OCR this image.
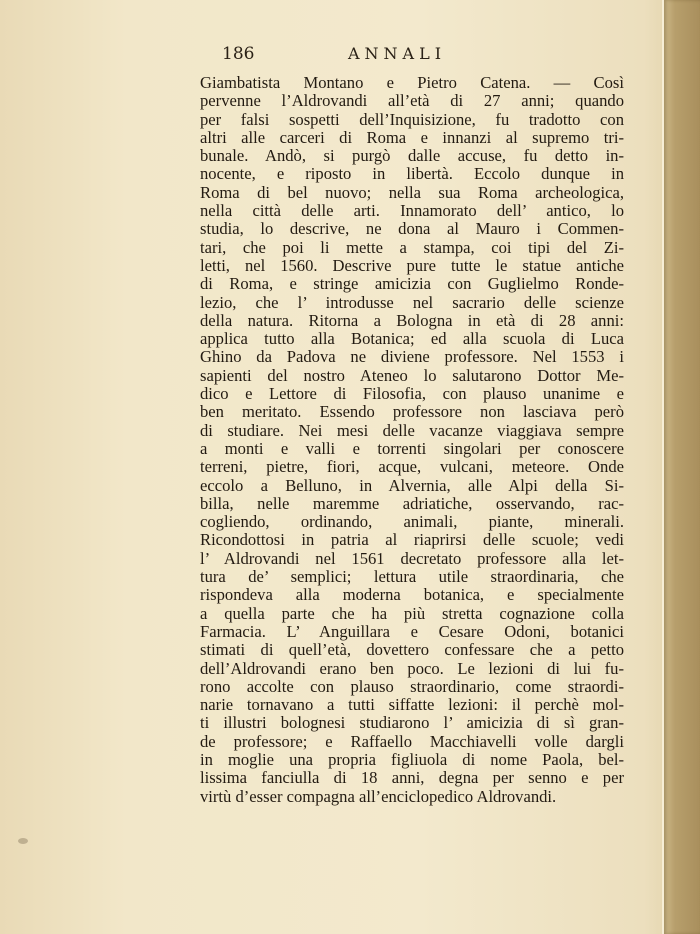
186	ANNALI
Giambatista Montano e Pietro Catena. — Così
pervenne l’Aldrovandi all’età di 27 anni; quando
per falsi sospetti dell’Inquisizione, fu tradotto con
altri alle carceri di Roma e innanzi al supremo tri-
bunale. Andò, si purgò dalle accuse, fu detto in-
nocente, e riposto in libertà. Eccolo dunque in
Roma di bel nuovo; nella sua Roma archeologica,
nella città delle arti. Innamorato dell’ antico, lo
studia, lo descrive, ne dona al Mauro i Commen-
tari, che poi li mette a stampa, coi tipi del Zi-
letti, nel 1560. Descrive pure tutte le statue antiche
di Roma, e stringe amicizia con Guglielmo Ronde-
lezio, che l’ introdusse nel sacrario delle scienze
della natura. Ritorna a Bologna in età di 28 anni:
applica tutto alla Botanica; ed alla scuola di Luca
Ghino da Padova ne diviene professore. Nel 1553 i
sapienti del nostro Ateneo lo salutarono Dottor Me-
dico e Lettore di Filosofia, con plauso unanime e
ben meritato. Essendo professore non lasciava però
di studiare. Nei mesi delle vacanze viaggiava sempre
a monti e valli e torrenti singolari per conoscere
terreni, pietre, fiori, acque, vulcani, meteore. Onde
eccolo a Belluno, in Alvernia, alle Alpi della Si-
billa, nelle maremme adriatiche, osservando, rac-
cogliendo, ordinando, animali, piante, minerali.
Ricondottosi in patria al riaprirsi delle scuole; vedi
l’ Aldrovandi nel 1561 decretato professore alla let-
tura de’ semplici; lettura utile straordinaria, che
rispondeva alla moderna botanica, e specialmente
a quella parte che ha più stretta cognazione colla
Farmacia. L’ Anguillara e Cesare Odoni, botanici
stimati di quell’età, dovettero confessare che a petto
dell’Aldrovandi erano ben poco. Le lezioni di lui fu-
rono accolte con plauso straordinario, come straordi-
narie tornavano a tutti siffatte lezioni: il perchè mol-
ti illustri bolognesi studiarono l’ amicizia di sì gran-
de professore; e Raffaello Macchiavelli volle dargli
in moglie una propria figliuola di nome Paola, bel-
lissima fanciulla di 18 anni, degna per senno e per
virtù d’esser compagna all’enciclopedico Aldrovandi.
